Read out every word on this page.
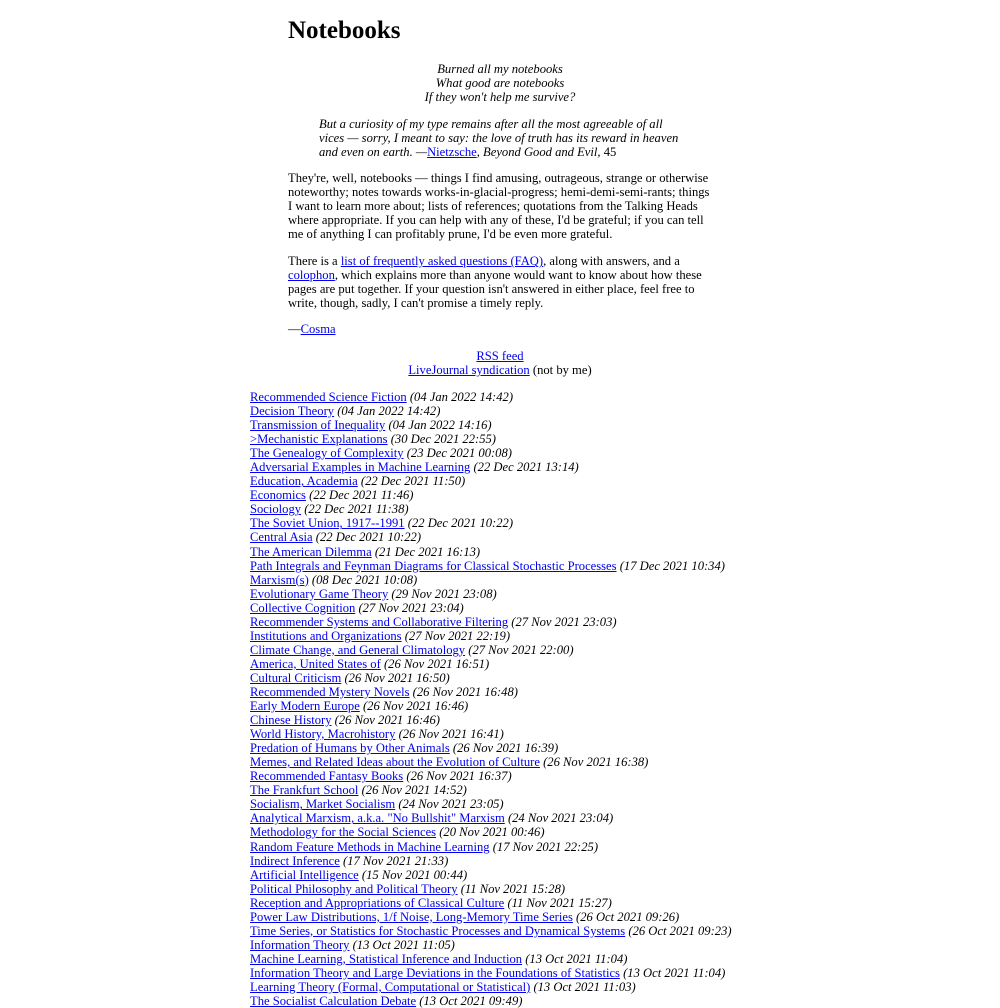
Notebooks
Burned all my notebooks
What good are notebooks
If they won't help me survive?
But a curiosity of my type remains after all the most agreeable of all vices — sorry, I meant to say: the love of truth has its reward in heaven and even on earth. —Nietzsche, Beyond Good and Evil, 45
They're, well, notebooks — things I find amusing, outrageous, strange or otherwise noteworthy; notes towards works-in-glacial-progress; hemi-demi-semi-rants; things I want to learn more about; lists of references; quotations from the Talking Heads where appropriate. If you can help with any of these, I'd be grateful; if you can tell me of anything I can profitably prune, I'd be even more grateful.
There is a list of frequently asked questions (FAQ), along with answers, and a colophon, which explains more than anyone would want to know about how these pages are put together. If your question isn't answered in either place, feel free to write, though, sadly, I can't promise a timely reply.
—Cosma
RSS feed
LiveJournal syndication (not by me)
Recommended Science Fiction (04 Jan 2022 14:42)
Decision Theory (04 Jan 2022 14:42)
Transmission of Inequality (04 Jan 2022 14:16)
>Mechanistic Explanations (30 Dec 2021 22:55)
The Genealogy of Complexity (23 Dec 2021 00:08)
Adversarial Examples in Machine Learning (22 Dec 2021 13:14)
Education, Academia (22 Dec 2021 11:50)
Economics (22 Dec 2021 11:46)
Sociology (22 Dec 2021 11:38)
The Soviet Union, 1917--1991 (22 Dec 2021 10:22)
Central Asia (22 Dec 2021 10:22)
The American Dilemma (21 Dec 2021 16:13)
Path Integrals and Feynman Diagrams for Classical Stochastic Processes (17 Dec 2021 10:34)
Marxism(s) (08 Dec 2021 10:08)
Evolutionary Game Theory (29 Nov 2021 23:08)
Collective Cognition (27 Nov 2021 23:04)
Recommender Systems and Collaborative Filtering (27 Nov 2021 23:03)
Institutions and Organizations (27 Nov 2021 22:19)
Climate Change, and General Climatology (27 Nov 2021 22:00)
America, United States of (26 Nov 2021 16:51)
Cultural Criticism (26 Nov 2021 16:50)
Recommended Mystery Novels (26 Nov 2021 16:48)
Early Modern Europe (26 Nov 2021 16:46)
Chinese History (26 Nov 2021 16:46)
World History, Macrohistory (26 Nov 2021 16:41)
Predation of Humans by Other Animals (26 Nov 2021 16:39)
Memes, and Related Ideas about the Evolution of Culture (26 Nov 2021 16:38)
Recommended Fantasy Books (26 Nov 2021 16:37)
The Frankfurt School (26 Nov 2021 14:52)
Socialism, Market Socialism (24 Nov 2021 23:05)
Analytical Marxism, a.k.a. "No Bullshit" Marxism (24 Nov 2021 23:04)
Methodology for the Social Sciences (20 Nov 2021 00:46)
Random Feature Methods in Machine Learning (17 Nov 2021 22:25)
Indirect Inference (17 Nov 2021 21:33)
Artificial Intelligence (15 Nov 2021 00:44)
Political Philosophy and Political Theory (11 Nov 2021 15:28)
Reception and Appropriations of Classical Culture (11 Nov 2021 15:27)
Power Law Distributions, 1/f Noise, Long-Memory Time Series (26 Oct 2021 09:26)
Time Series, or Statistics for Stochastic Processes and Dynamical Systems (26 Oct 2021 09:23)
Information Theory (13 Oct 2021 11:05)
Machine Learning, Statistical Inference and Induction (13 Oct 2021 11:04)
Information Theory and Large Deviations in the Foundations of Statistics (13 Oct 2021 11:04)
Learning Theory (Formal, Computational or Statistical) (13 Oct 2021 11:03)
The Socialist Calculation Debate (13 Oct 2021 09:49)
